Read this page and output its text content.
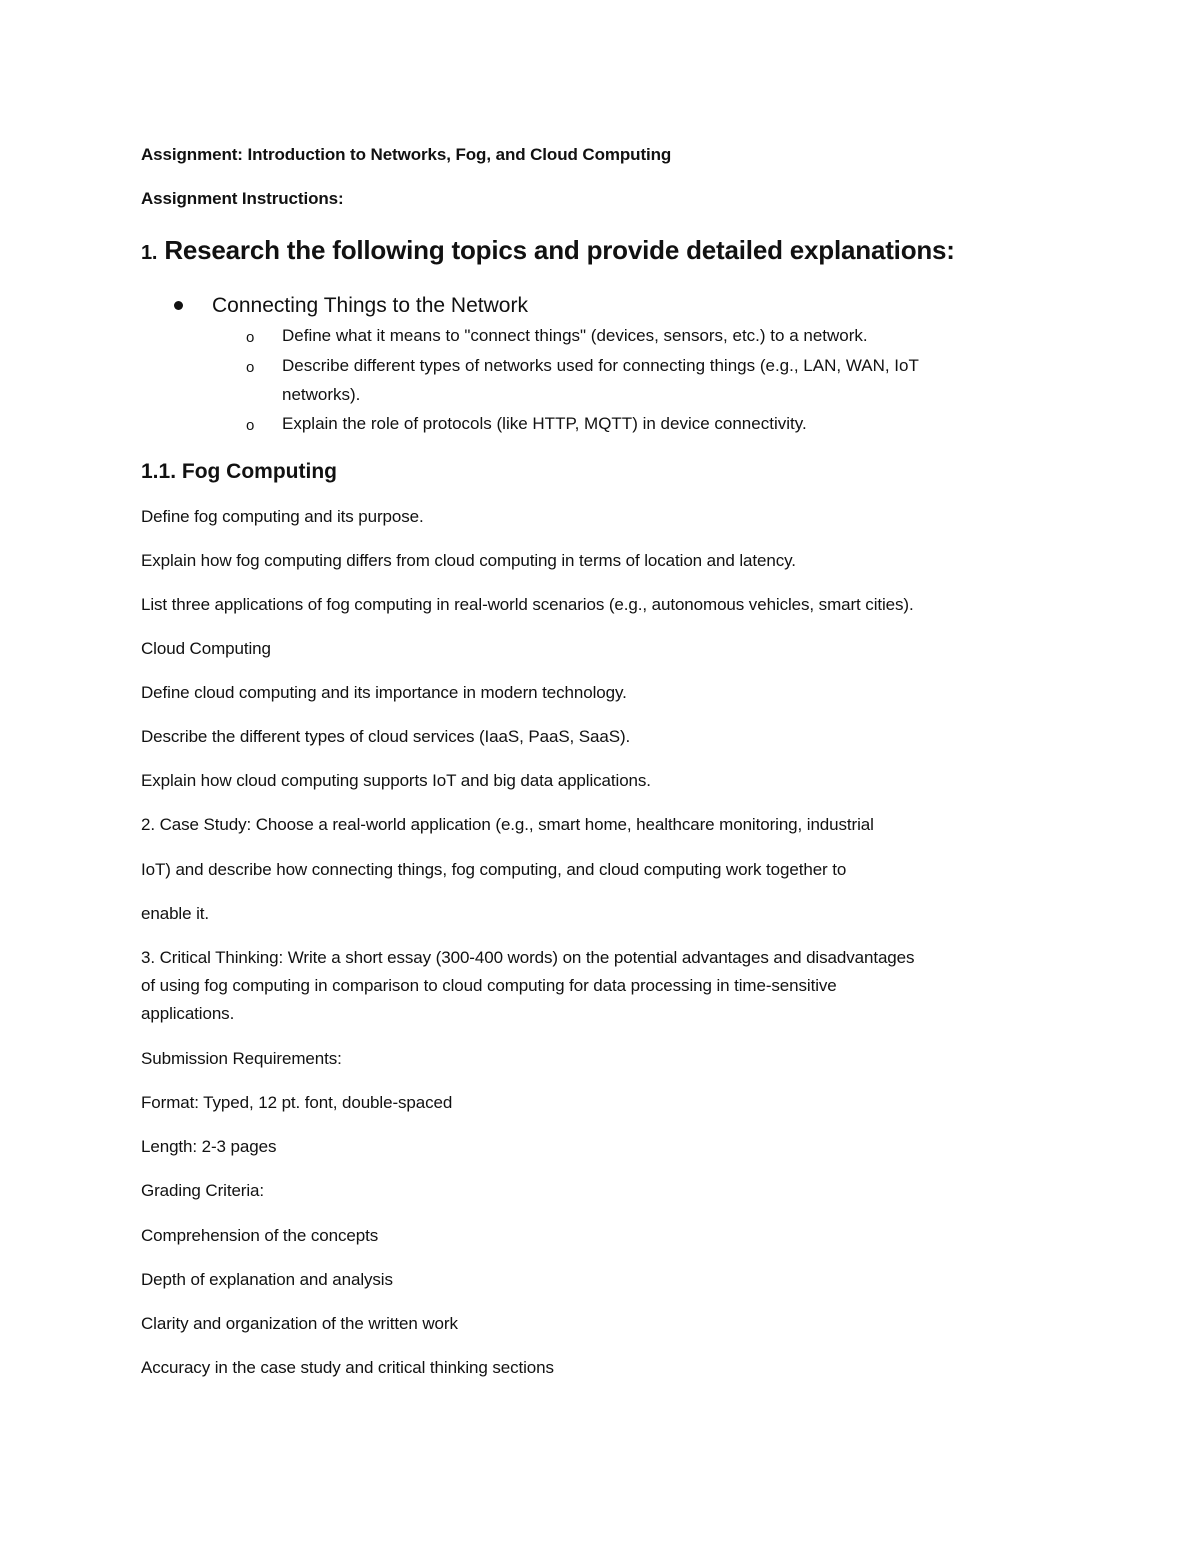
Assignment: Introduction to Networks, Fog, and Cloud Computing
Assignment Instructions:
1. Research the following topics and provide detailed explanations:
Connecting Things to the Network
o Define what it means to "connect things" (devices, sensors, etc.) to a network.
o Describe different types of networks used for connecting things (e.g., LAN, WAN, IoT
networks).
o Explain the role of protocols (like HTTP, MQTT) in device connectivity.
1.1. Fog Computing
Define fog computing and its purpose.
Explain how fog computing differs from cloud computing in terms of location and latency.
List three applications of fog computing in real-world scenarios (e.g., autonomous vehicles, smart cities).
Cloud Computing
Define cloud computing and its importance in modern technology.
Describe the different types of cloud services (IaaS, PaaS, SaaS).
Explain how cloud computing supports IoT and big data applications.
2. Case Study: Choose a real-world application (e.g., smart home, healthcare monitoring, industrial
IoT) and describe how connecting things, fog computing, and cloud computing work together to
enable it.
3. Critical Thinking: Write a short essay (300-400 words) on the potential advantages and disadvantages
of using fog computing in comparison to cloud computing for data processing in time-sensitive
applications.
Submission Requirements:
Format: Typed, 12 pt. font, double-spaced
Length: 2-3 pages
Grading Criteria:
Comprehension of the concepts
Depth of explanation and analysis
Clarity and organization of the written work
Accuracy in the case study and critical thinking sections
